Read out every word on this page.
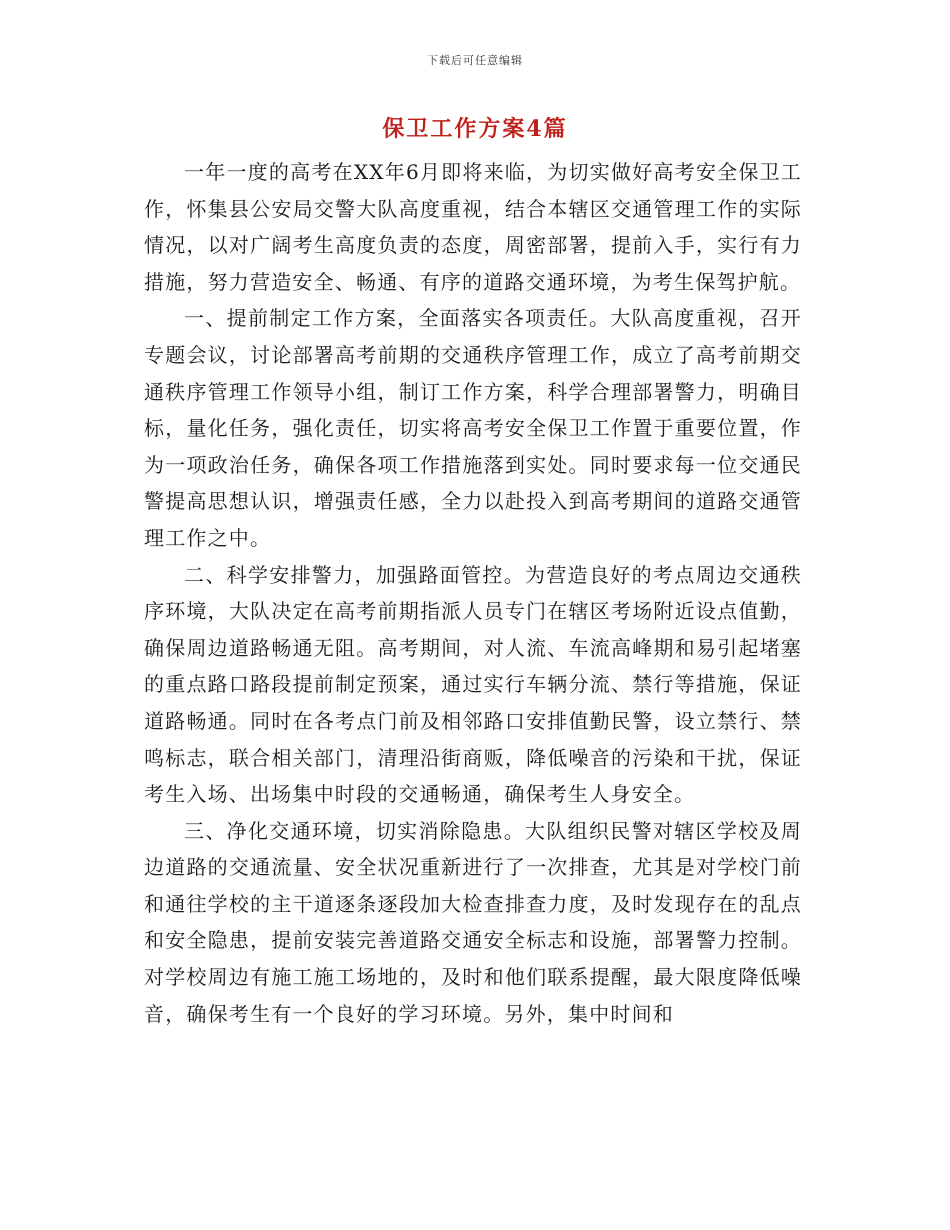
下载后可任意编辑
保卫工作方案4篇

一年一度的高考在XX年6月即将来临，为切实做好高考安全保卫工作，怀集县公安局交警大队高度重视，结合本辖区交通管理工作的实际情况，以对广阔考生高度负责的态度，周密部署，提前入手，实行有力措施，努力营造安全、畅通、有序的道路交通环境，为考生保驾护航。

一、提前制定工作方案，全面落实各项责任。大队高度重视，召开专题会议，讨论部署高考前期的交通秩序管理工作，成立了高考前期交通秩序管理工作领导小组，制订工作方案，科学合理部署警力，明确目标，量化任务，强化责任，切实将高考安全保卫工作置于重要位置，作为一项政治任务，确保各项工作措施落到实处。同时要求每一位交通民警提高思想认识，增强责任感，全力以赴投入到高考期间的道路交通管理工作之中。

二、科学安排警力，加强路面管控。为营造良好的考点周边交通秩序环境，大队决定在高考前期指派人员专门在辖区考场附近设点值勤，确保周边道路畅通无阻。高考期间，对人流、车流高峰期和易引起堵塞的重点路口路段提前制定预案，通过实行车辆分流、禁行等措施，保证道路畅通。同时在各考点门前及相邻路口安排值勤民警，设立禁行、禁鸣标志，联合相关部门，清理沿街商贩，降低噪音的污染和干扰，保证考生入场、出场集中时段的交通畅通，确保考生人身安全。

三、净化交通环境，切实消除隐患。大队组织民警对辖区学校及周边道路的交通流量、安全状况重新进行了一次排查，尤其是对学校门前和通往学校的主干道逐条逐段加大检查排查力度，及时发现存在的乱点和安全隐患，提前安装完善道路交通安全标志和设施，部署警力控制。对学校周边有施工施工场地的，及时和他们联系提醒，最大限度降低噪音，确保考生有一个良好的学习环境。另外，集中时间和
